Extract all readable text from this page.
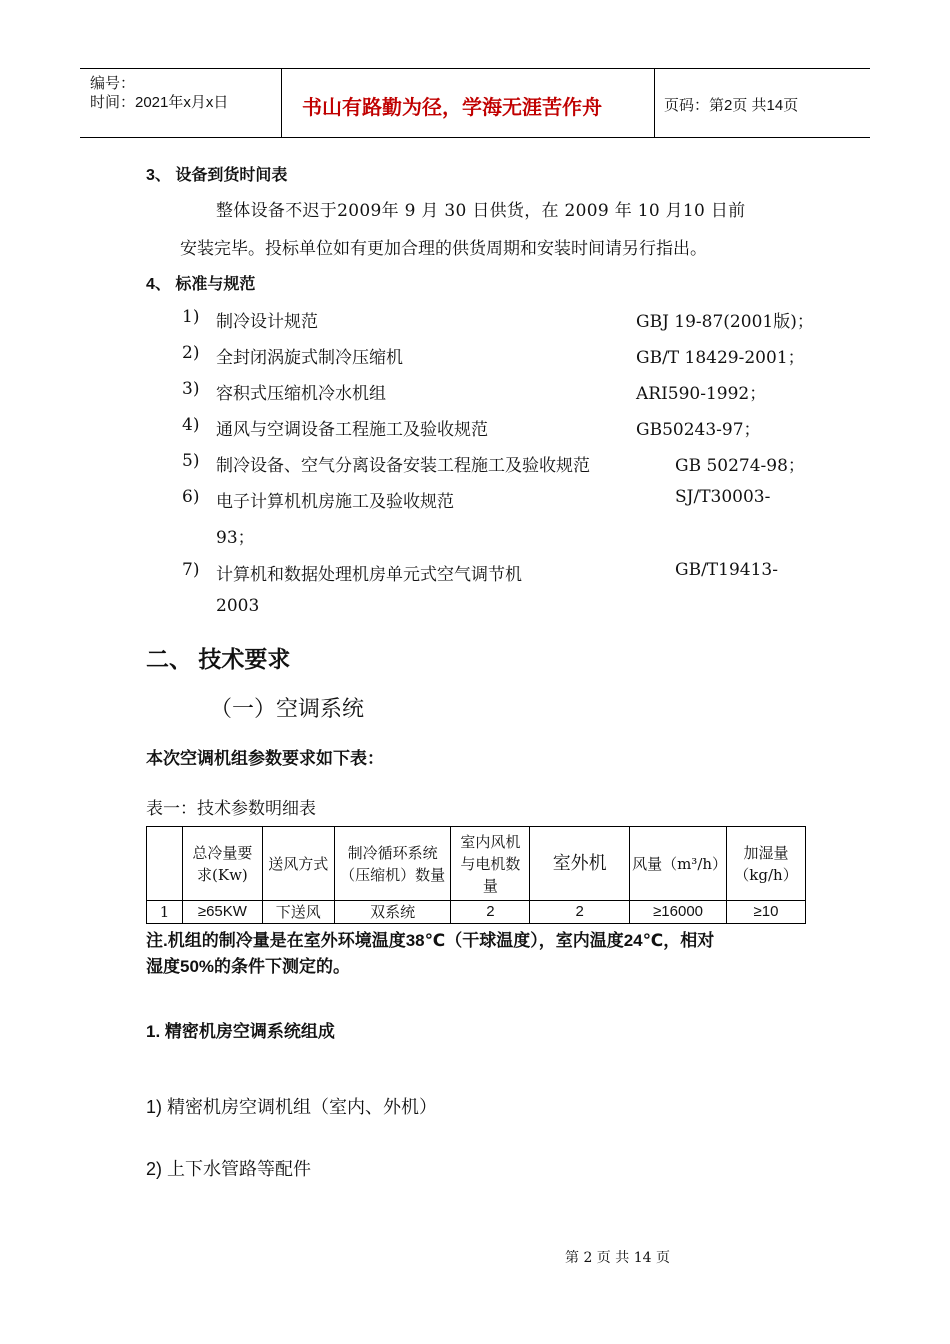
编号：
时间：2021年x月x日	书山有路勤为径，学海无涯苦作舟	页码：第2页 共14页
3、 设备到货时间表
整体设备不迟于2009年 9 月 30 日供货，在 2009 年 10 月10 日前
安装完毕。投标单位如有更加合理的供货周期和安装时间请另行指出。
4、 标准与规范
1) 制冷设计规范	GBJ 19-87(2001版)；
2) 全封闭涡旋式制冷压缩机	GB/T 18429-2001；
3) 容积式压缩机冷水机组	ARI590-1992；
4) 通风与空调设备工程施工及验收规范	GB50243-97；
5) 制冷设备、空气分离设备安装工程施工及验收规范	GB 50274-98；
6) 电子计算机机房施工及验收规范	SJ/T30003-
93；
7) 计算机和数据处理机房单元式空气调节机	GB/T19413-
2003
二、 技术要求
（一）空调系统
本次空调机组参数要求如下表：
表一：技术参数明细表
	总冷量要求(Kw)	送风方式	制冷循环系统（压缩机）数量	室内风机与电机数量	室外机	风量（m³/h）	加湿量（kg/h）
1	≥65KW	下送风	双系统	2	2	≥16000	≥10
注.机组的制冷量是在室外环境温度38℃（干球温度），室内温度24℃，相对
湿度50%的条件下测定的。
1. 精密机房空调系统组成
1) 精密机房空调机组（室内、外机）
2) 上下水管路等配件
第 2 页 共 14 页
